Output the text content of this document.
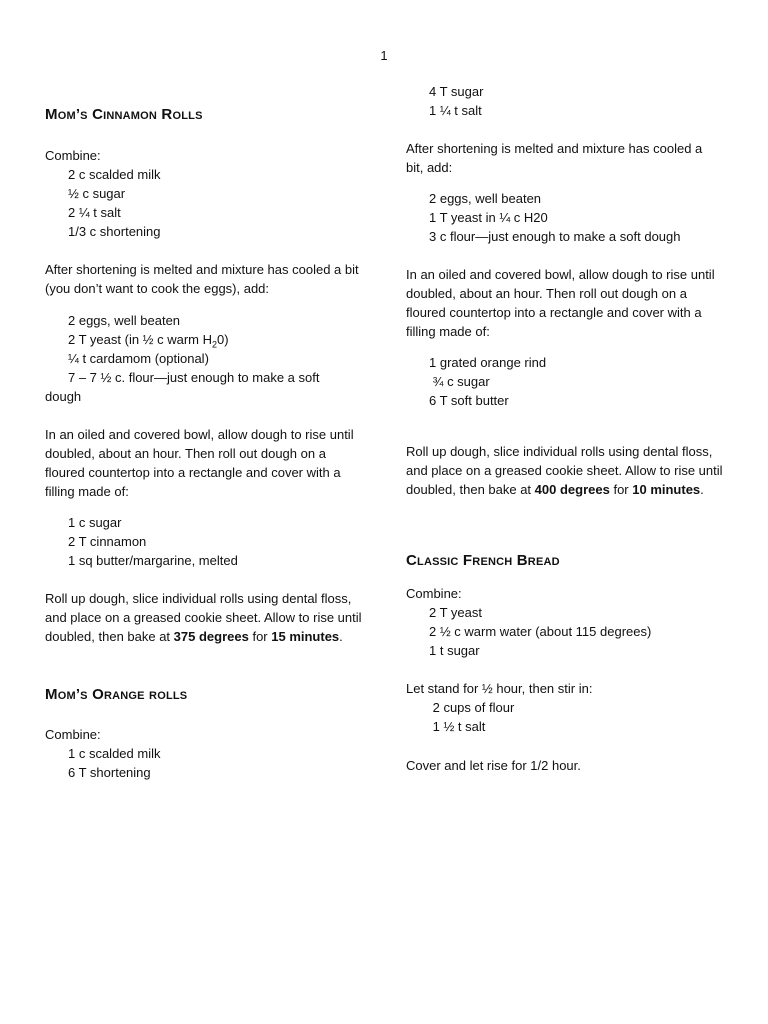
1
Mom’s Cinnamon Rolls
Combine:
2 c scalded milk
½ c sugar
2 ¼ t salt
1/3 c shortening
After shortening is melted and mixture has cooled a bit (you don’t want to cook the eggs), add:
2 eggs, well beaten
2 T yeast (in ½ c warm $H_20$)
¼ t cardamom (optional)
7 – 7 ½ c. flour—just enough to make a soft
dough
In an oiled and covered bowl, allow dough to rise until doubled, about an hour. Then roll out dough on a floured countertop into a rectangle and cover with a filling made of:
1 c sugar
2 T cinnamon
1 sq butter/margarine, melted
Roll up dough, slice individual rolls using dental floss, and place on a greased cookie sheet. Allow to rise until doubled, then bake at 375 degrees for 15 minutes.
Mom’s Orange rolls
Combine:
1 c scalded milk
6 T shortening
4 T sugar
1 ¼ t salt
After shortening is melted and mixture has cooled a bit, add:
2 eggs, well beaten
1 T yeast in ¼ c H20
3 c flour—just enough to make a soft dough
In an oiled and covered bowl, allow dough to rise until doubled, about an hour. Then roll out dough on a floured countertop into a rectangle and cover with a filling made of:
1 grated orange rind
¾ c sugar
6 T soft butter
Roll up dough, slice individual rolls using dental floss, and place on a greased cookie sheet. Allow to rise until doubled, then bake at 400 degrees for 10 minutes.
Classic French Bread
Combine:
2 T yeast
2 ½ c warm water (about 115 degrees)
1 t sugar
Let stand for ½ hour, then stir in:
2 cups of flour
1 ½ t salt
Cover and let rise for 1/2 hour.
